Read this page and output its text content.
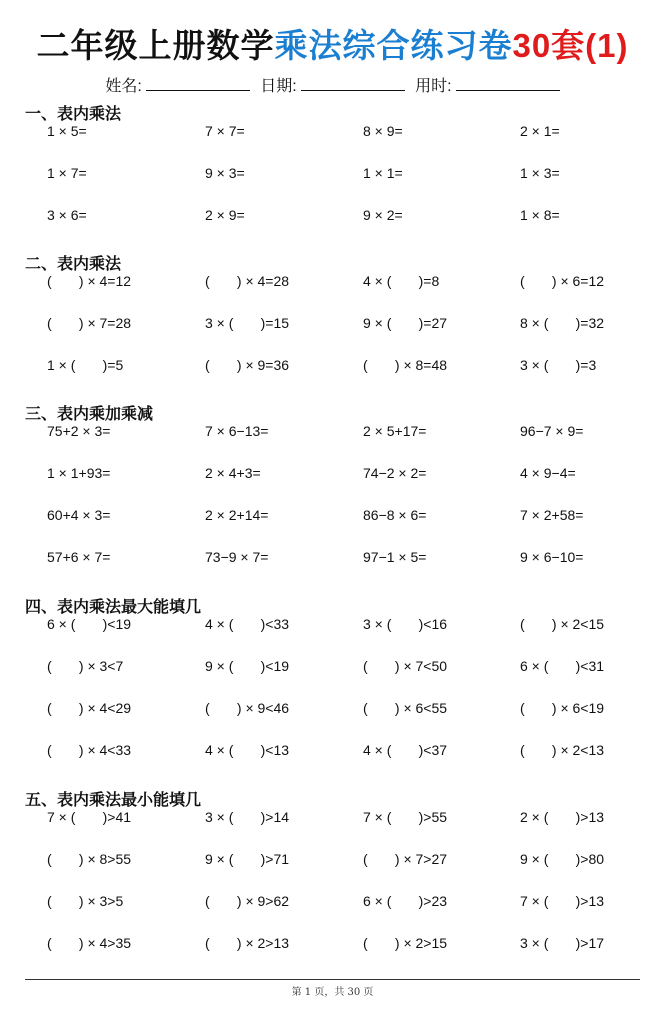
二年级上册数学乘法综合练习卷30套(1)
姓名:	日期:	用时:
一、表内乘法
1 × 5=	7 × 7=	8 × 9=	2 × 1=
1 × 7=	9 × 3=	1 × 1=	1 × 3=
3 × 6=	2 × 9=	9 × 2=	1 × 8=
二、表内乘法
(       ) × 4=12	(       ) × 4=28	4 × (       )=8	(       ) × 6=12
(       ) × 7=28	3 × (       )=15	9 × (       )=27	8 × (       )=32
1 × (       )=5	(       ) × 9=36	(       ) × 8=48	3 × (       )=3
三、表内乘加乘减
75+2 × 3=	7 × 6−13=	2 × 5+17=	96−7 × 9=
1 × 1+93=	2 × 4+3=	74−2 × 2=	4 × 9−4=
60+4 × 3=	2 × 2+14=	86−8 × 6=	7 × 2+58=
57+6 × 7=	73−9 × 7=	97−1 × 5=	9 × 6−10=
四、表内乘法最大能填几
6 × (       )<19	4 × (       )<33	3 × (       )<16	(       ) × 2<15
(       ) × 3<7	9 × (       )<19	(       ) × 7<50	6 × (       )<31
(       ) × 4<29	(       ) × 9<46	(       ) × 6<55	(       ) × 6<19
(       ) × 4<33	4 × (       )<13	4 × (       )<37	(       ) × 2<13
五、表内乘法最小能填几
7 × (       )>41	3 × (       )>14	7 × (       )>55	2 × (       )>13
(       ) × 8>55	9 × (       )>71	(       ) × 7>27	9 × (       )>80
(       ) × 3>5	(       ) × 9>62	6 × (       )>23	7 × (       )>13
(       ) × 4>35	(       ) × 2>13	(       ) × 2>15	3 × (       )>17
第 1 页，共 30 页
